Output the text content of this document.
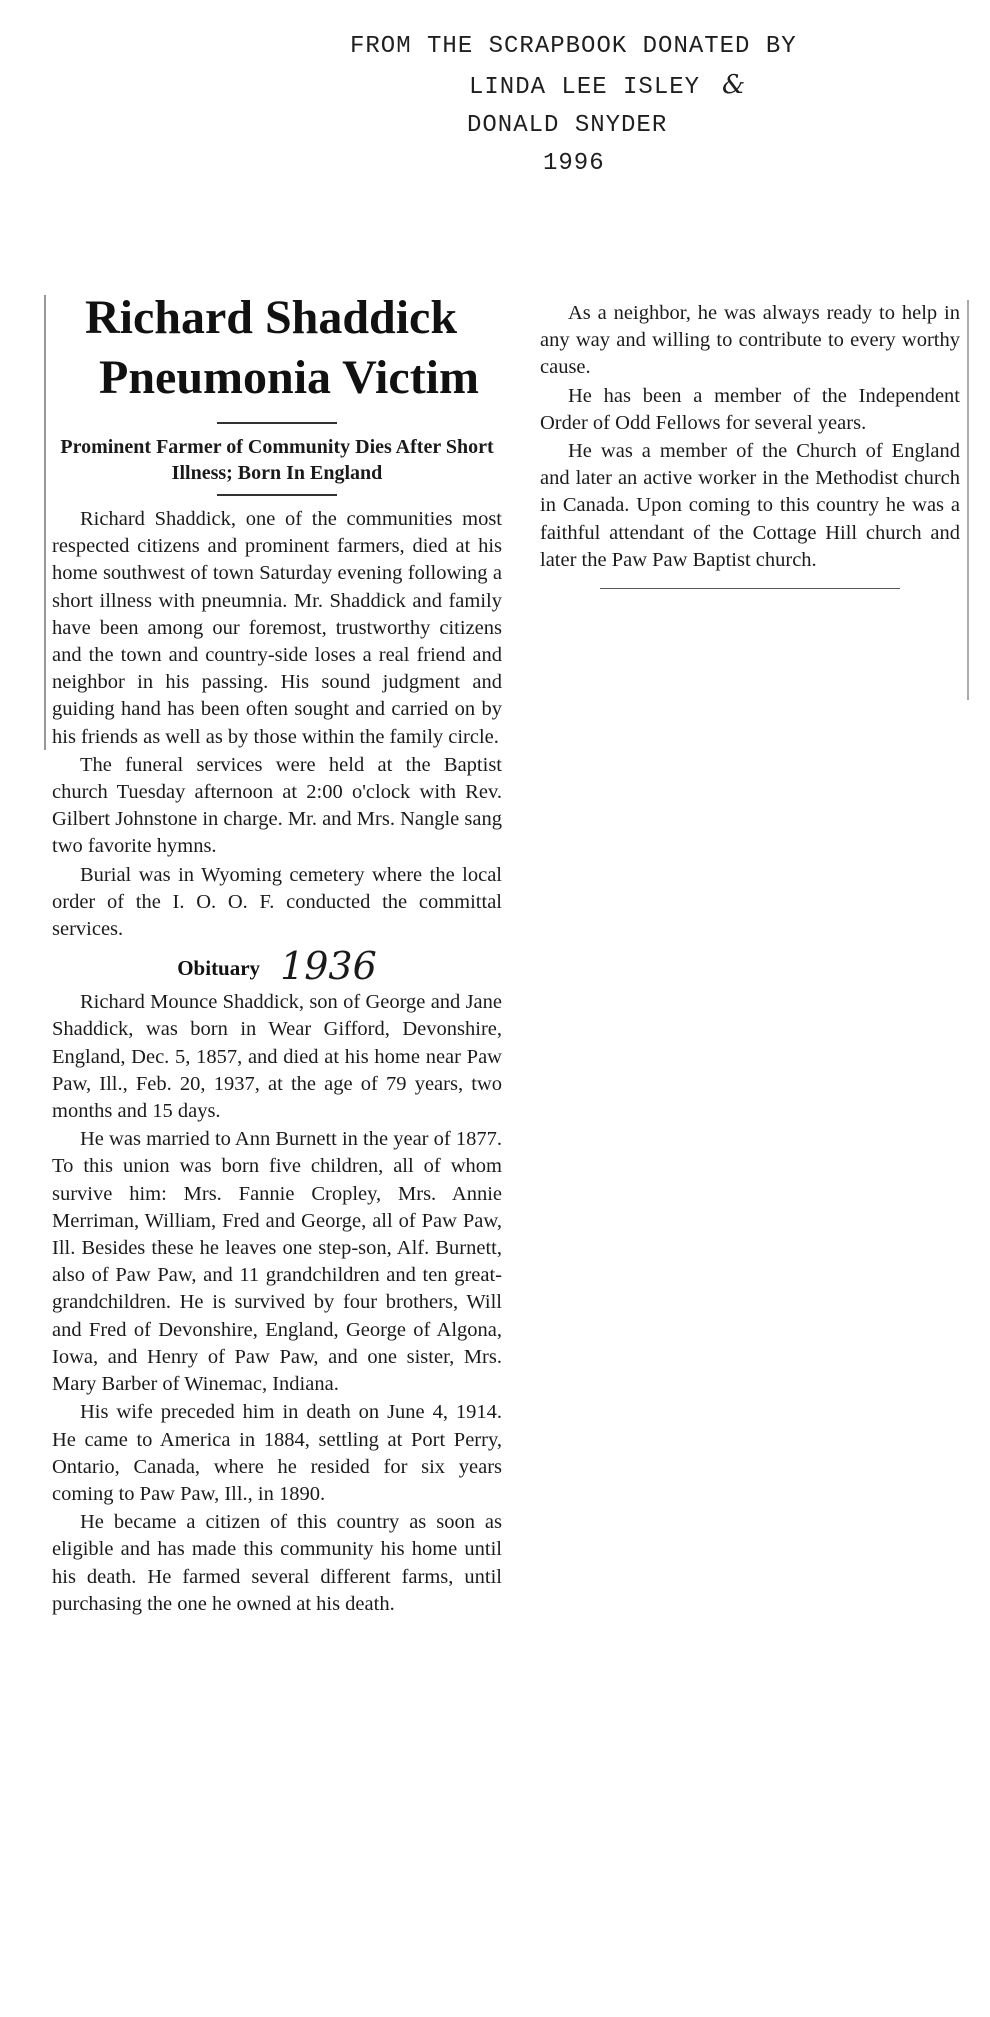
FROM THE SCRAPBOOK DONATED BY
LINDA LEE ISLEY &
DONALD SNYDER
1996
Richard Shaddick
Pneumonia Victim
Prominent Farmer of Community Dies After Short Illness; Born In England

Richard Shaddick, one of the communities most respected citizens and prominent farmers, died at his home southwest of town Saturday evening following a short illness with pneumnia. Mr. Shaddick and family have been among our foremost, trustworthy citizens and the town and country-side loses a real friend and neighbor in his passing. His sound judgment and guiding hand has been often sought and carried on by his friends as well as by those within the family circle.

The funeral services were held at the Baptist church Tuesday afternoon at 2:00 o'clock with Rev. Gilbert Johnstone in charge. Mr. and Mrs. Nangle sang two favorite hymns.

Burial was in Wyoming cemetery where the local order of the I. O. O. F. conducted the committal services.

Obituary 1936

Richard Mounce Shaddick, son of George and Jane Shaddick, was born in Wear Gifford, Devonshire, England, Dec. 5, 1857, and died at his home near Paw Paw, Ill., Feb. 20, 1937, at the age of 79 years, two months and 15 days.

He was married to Ann Burnett in the year of 1877. To this union was born five children, all of whom survive him: Mrs. Fannie Cropley, Mrs. Annie Merriman, William, Fred and George, all of Paw Paw, Ill. Besides these he leaves one step-son, Alf. Burnett, also of Paw Paw, and 11 grandchildren and ten great-grandchildren. He is survived by four brothers, Will and Fred of Devonshire, England, George of Algona, Iowa, and Henry of Paw Paw, and one sister, Mrs. Mary Barber of Winemac, Indiana.

His wife preceded him in death on June 4, 1914. He came to America in 1884, settling at Port Perry, Ontario, Canada, where he resided for six years coming to Paw Paw, Ill., in 1890.

He became a citizen of this country as soon as eligible and has made this community his home until his death. He farmed several different farms, until purchasing the one he owned at his death.

As a neighbor, he was always ready to help in any way and willing to contribute to every worthy cause.

He has been a member of the Independent Order of Odd Fellows for several years.

He was a member of the Church of England and later an active worker in the Methodist church in Canada. Upon coming to this country he was a faithful attendant of the Cottage Hill church and later the Paw Paw Baptist church.
